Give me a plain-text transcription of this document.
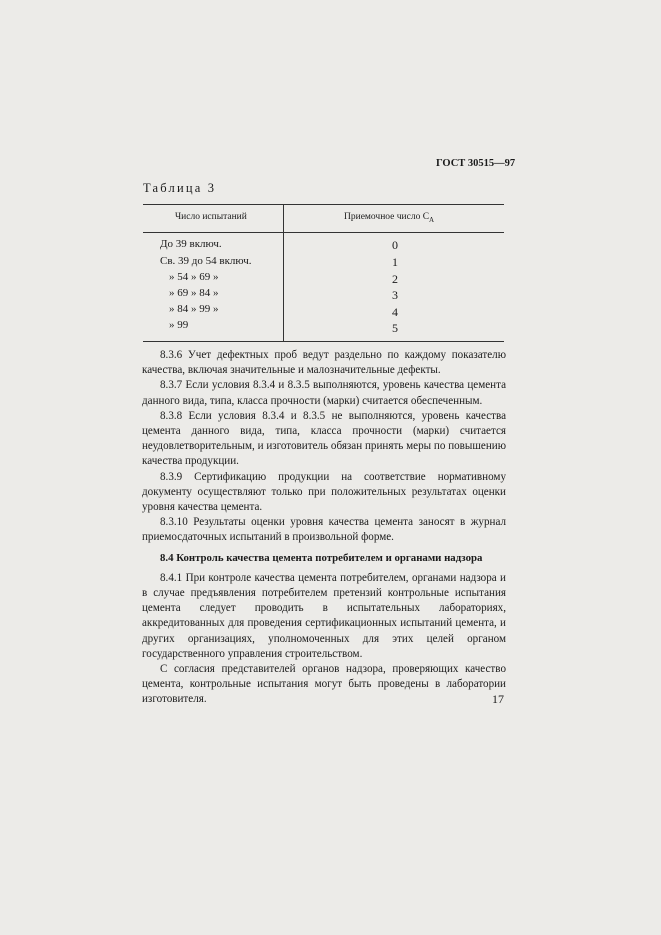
ГОСТ 30515—97
Таблица 3
Число испытаний	Приемочное число $C_A$
До 39 включ.
Св. 39 до 54 включ.
» 54 » 69 »
» 69 » 84 »
» 84 » 99 »
» 99
0
1
2
3
4
5

8.3.6 Учет дефектных проб ведут раздельно по каждому показателю качества, включая значительные и малозначительные дефекты.

8.3.7 Если условия 8.3.4 и 8.3.5 выполняются, уровень качества цемента данного вида, типа, класса прочности (марки) считается обеспеченным.

8.3.8 Если условия 8.3.4 и 8.3.5 не выполняются, уровень качества цемента данного вида, типа, класса прочности (марки) считается неудовлетворительным, и изготовитель обязан принять меры по повышению качества продукции.

8.3.9 Сертификацию продукции на соответствие нормативному документу осуществляют только при положительных результатах оценки уровня качества цемента.

8.3.10 Результаты оценки уровня качества цемента заносят в журнал приемосдаточных испытаний в произвольной форме.

8.4 Контроль качества цемента потребителем и органами надзора

8.4.1 При контроле качества цемента потребителем, органами надзора и в случае предъявления потребителем претензий контрольные испытания цемента следует проводить в испытательных лабораториях, аккредитованных для проведения сертификационных испытаний цемента, и других организациях, уполномоченных для этих целей органом государственного управления строительством.

С согласия представителей органов надзора, проверяющих качество цемента, контрольные испытания могут быть проведены в лаборатории изготовителя.	17
